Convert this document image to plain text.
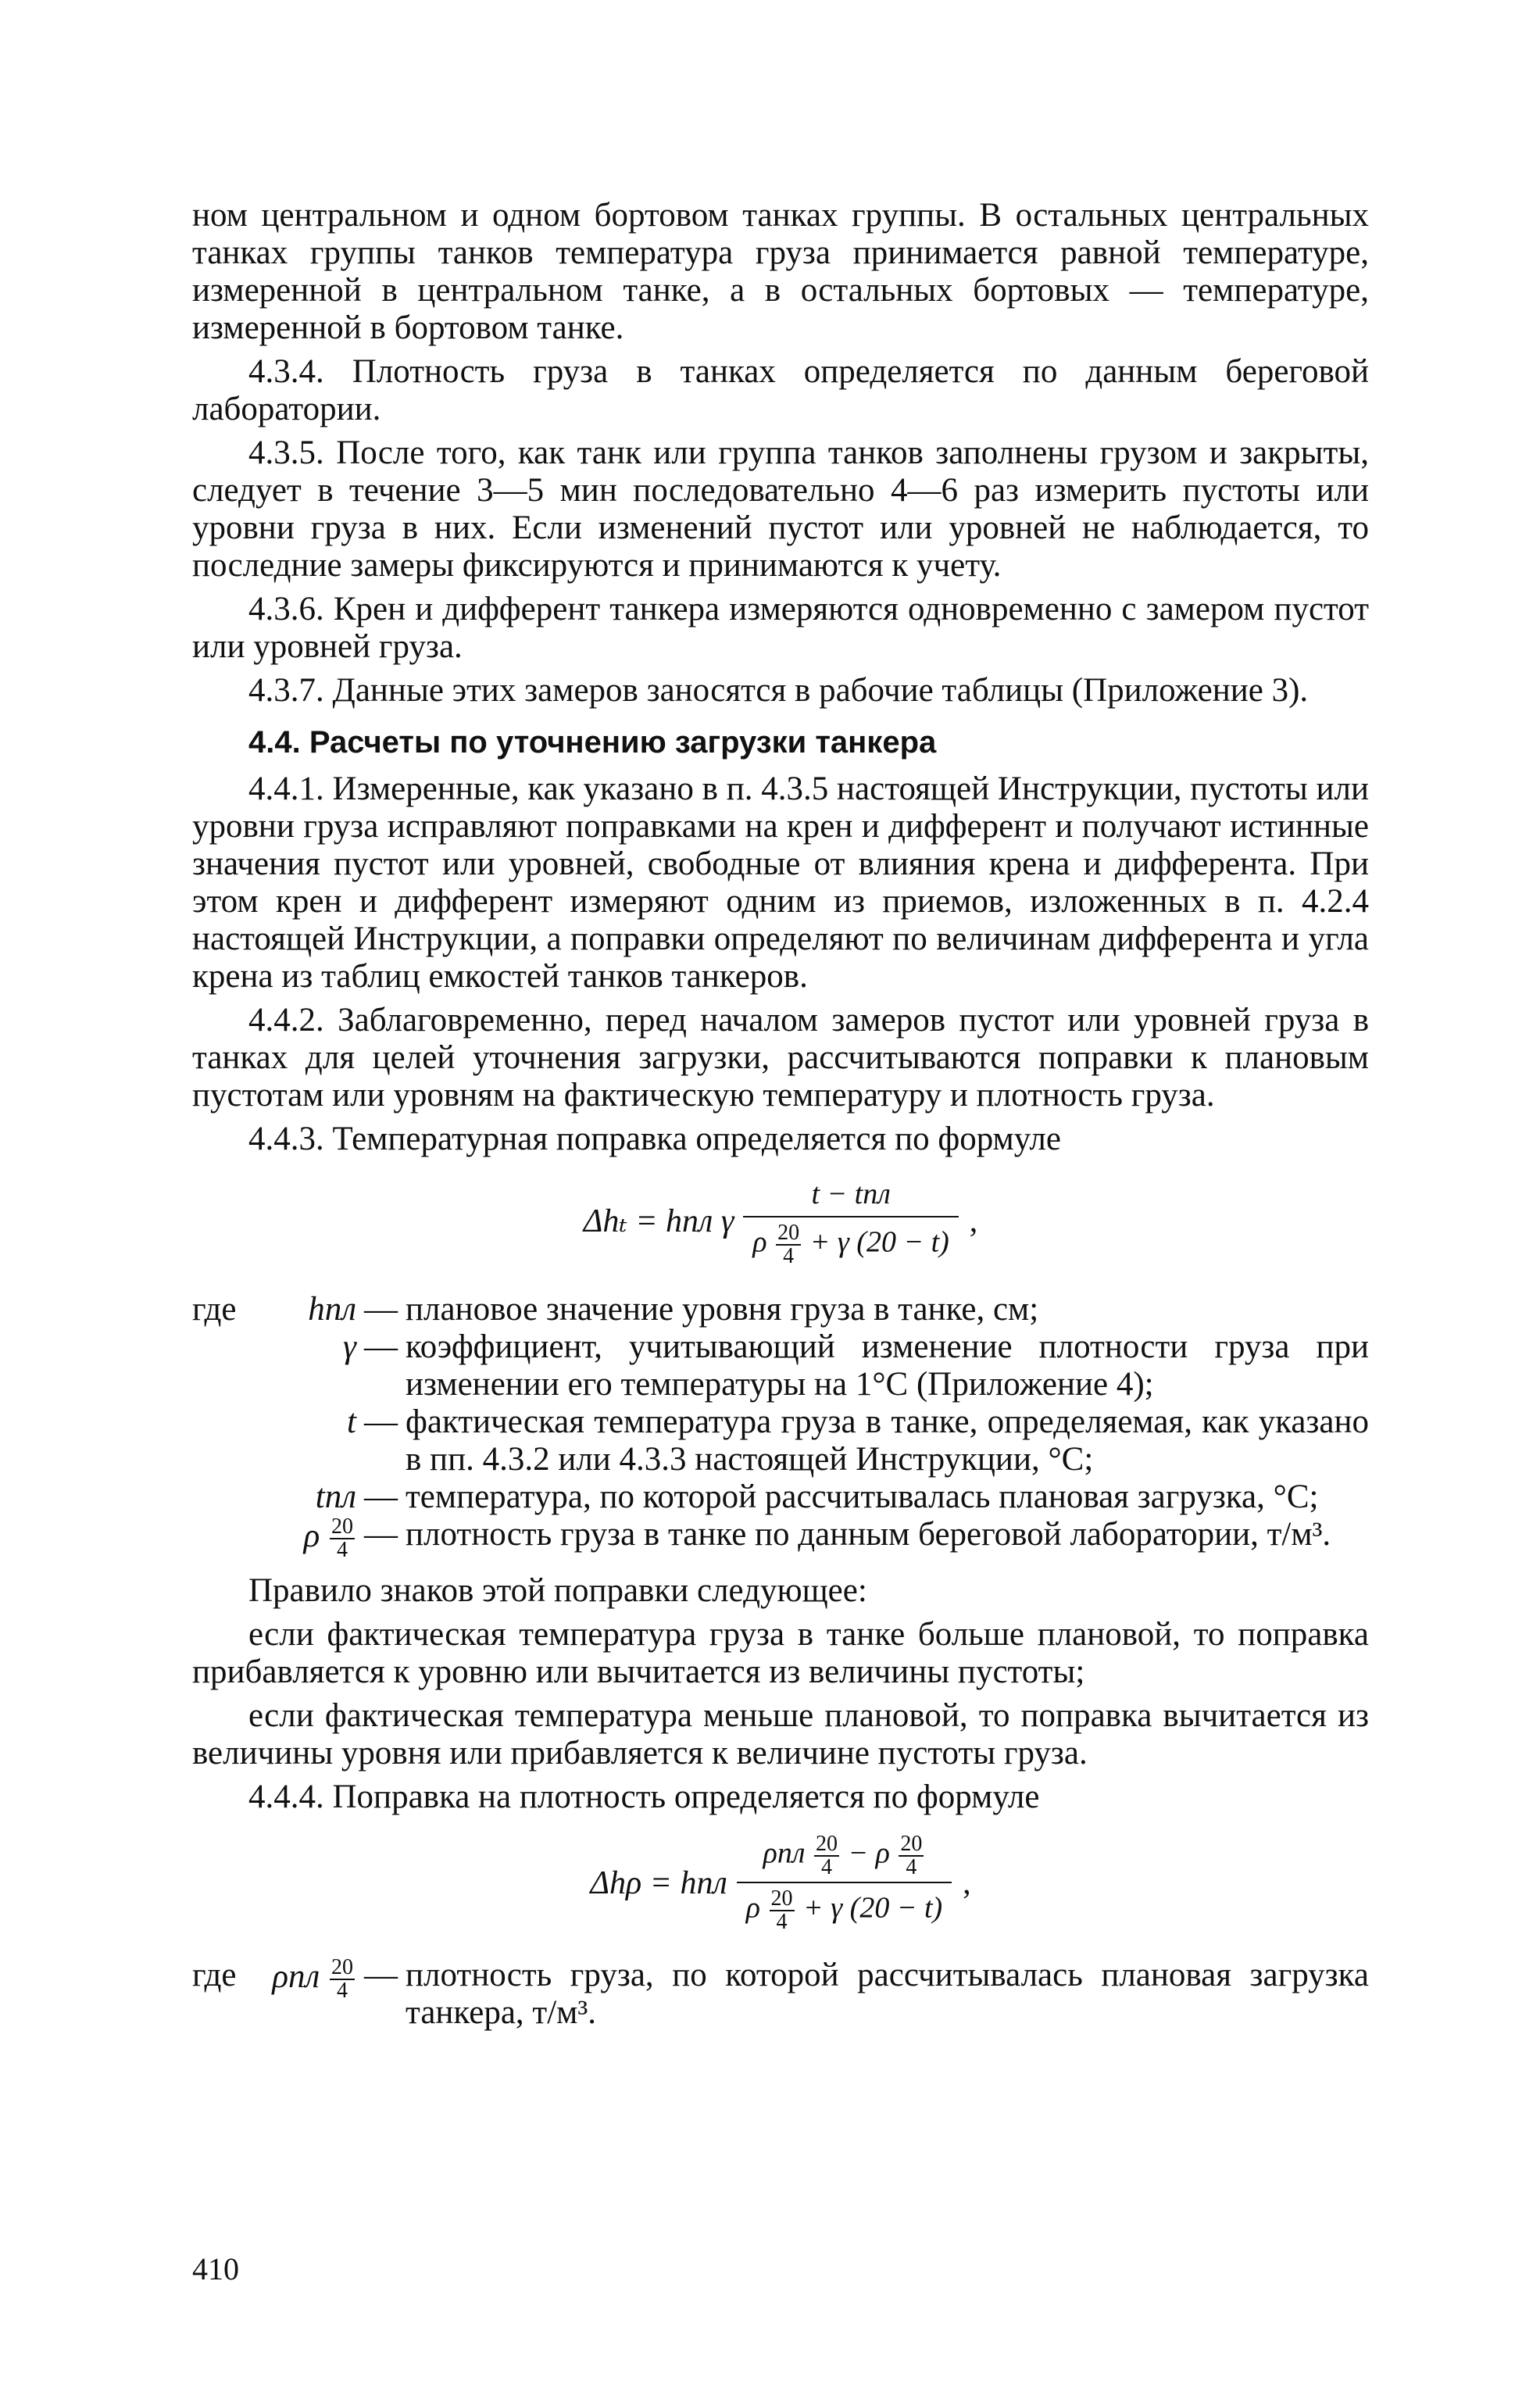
ном центральном и одном бортовом танках группы. В остальных центральных танках группы танков температура груза принимается равной температуре, измеренной в центральном танке, а в остальных бортовых — температуре, измеренной в бортовом танке.

4.3.4. Плотность груза в танках определяется по данным береговой лаборатории.

4.3.5. После того, как танк или группа танков заполнены грузом и закрыты, следует в течение 3—5 мин последовательно 4—6 раз измерить пустоты или уровни груза в них. Если изменений пустот или уровней не наблюдается, то последние замеры фиксируются и принимаются к учету.

4.3.6. Крен и дифферент танкера измеряются одновременно с замером пустот или уровней груза.

4.3.7. Данные этих замеров заносятся в рабочие таблицы (Приложение 3).

4.4. Расчеты по уточнению загрузки танкера

4.4.1. Измеренные, как указано в п. 4.3.5 настоящей Инструкции, пустоты или уровни груза исправляют поправками на крен и дифферент и получают истинные значения пустот или уровней, свободные от влияния крена и дифферента. При этом крен и дифферент измеряют одним из приемов, изложенных в п. 4.2.4 настоящей Инструкции, а поправки определяют по величинам дифферента и угла крена из таблиц емкостей танков танкеров.

4.4.2. Заблаговременно, перед началом замеров пустот или уровней груза в танках для целей уточнения загрузки, рассчитываются поправки к плановым пустотам или уровням на фактическую температуру и плотность груза.

4.4.3. Температурная поправка определяется по формуле

Δhₜ = hпл γ
t − tпл
ρ $\frac{20}{4} + \gamma$ (20 − t)
,
где hпл — плановое значение уровня груза в танке, см;
γ — коэффициент, учитывающий изменение плотности груза при изменении его температуры на 1°С (Приложение 4);
t — фактическая температура груза в танке, определяемая, как указано в пп. 4.3.2 или 4.3.3 настоящей Инструкции, °С;
tпл — температура, по которой рассчитывалась плановая загрузка, °С;
ρ $\frac{20}{4}$ — плотность груза в танке по данным береговой лаборатории, т/м³.

Правило знаков этой поправки следующее:

если фактическая температура груза в танке больше плановой, то поправка прибавляется к уровню или вычитается из величины пустоты;

если фактическая температура меньше плановой, то поправка вычитается из величины уровня или прибавляется к величине пустоты груза.

4.4.4. Поправка на плотность определяется по формуле

Δhρ = hпл
ρпл $\frac{20}{4} - \rho \frac{20}{4}$
ρ $\frac{20}{4} + \gamma$ (20 − t)
,
где ρпл $\frac{20}{4}$ — плотность груза, по которой рассчитывалась плановая загрузка танкера, т/м³.
410
